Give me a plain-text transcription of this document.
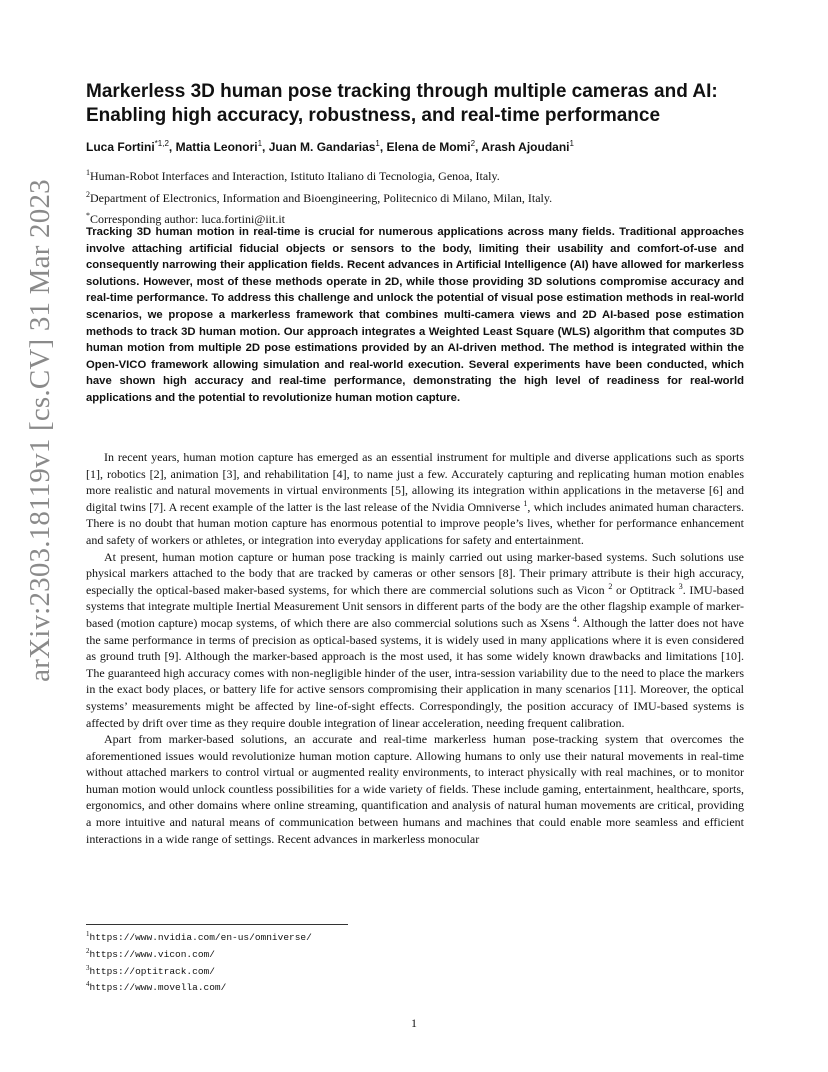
arXiv:2303.18119v1 [cs.CV] 31 Mar 2023
Markerless 3D human pose tracking through multiple cameras and AI: Enabling high accuracy, robustness, and real-time performance
Luca Fortini$^{*1,2}$, Mattia Leonori$^1$, Juan M. Gandarias$^1$, Elena de Momi$^2$, Arash Ajoudani$^1$
$^1$Human-Robot Interfaces and Interaction, Istituto Italiano di Tecnologia, Genoa, Italy.
$^2$Department of Electronics, Information and Bioengineering, Politecnico di Milano, Milan, Italy.
*Corresponding author: luca.fortini@iit.it

Tracking 3D human motion in real-time is crucial for numerous applications across many fields. Traditional approaches involve attaching artificial fiducial objects or sensors to the body, limiting their usability and comfort-of-use and consequently narrowing their application fields. Recent advances in Artificial Intelligence (AI) have allowed for markerless solutions. However, most of these methods operate in 2D, while those providing 3D solutions compromise accuracy and real-time performance. To address this challenge and unlock the potential of visual pose estimation methods in real-world scenarios, we propose a markerless framework that combines multi-camera views and 2D AI-based pose estimation methods to track 3D human motion. Our approach integrates a Weighted Least Square (WLS) algorithm that computes 3D human motion from multiple 2D pose estimations provided by an AI-driven method. The method is integrated within the Open-VICO framework allowing simulation and real-world execution. Several experiments have been conducted, which have shown high accuracy and real-time performance, demonstrating the high level of readiness for real-world applications and the potential to revolutionize human motion capture.

In recent years, human motion capture has emerged as an essential instrument for multiple and diverse applications such as sports [1], robotics [2], animation [3], and rehabilitation [4], to name just a few. Accurately capturing and replicating human motion enables more realistic and natural movements in virtual environments [5], allowing its integration within applications in the metaverse [6] and digital twins [7]. A recent example of the latter is the last release of the Nvidia Omniverse $^1$, which includes animated human characters. There is no doubt that human motion capture has enormous potential to improve people’s lives, whether for performance enhancement and safety of workers or athletes, or integration into everyday applications for safety and entertainment.

At present, human motion capture or human pose tracking is mainly carried out using marker-based systems. Such solutions use physical markers attached to the body that are tracked by cameras or other sensors [8]. Their primary attribute is their high accuracy, especially the optical-based maker-based systems, for which there are commercial solutions such as Vicon $^2$ or Optitrack $^3$. IMU-based systems that integrate multiple Inertial Measurement Unit sensors in different parts of the body are the other flagship example of marker-based (motion capture) mocap systems, of which there are also commercial solutions such as Xsens $^4$. Although the latter does not have the same performance in terms of precision as optical-based systems, it is widely used in many applications where it is even considered as ground truth [9]. Although the marker-based approach is the most used, it has some widely known drawbacks and limitations [10]. The guaranteed high accuracy comes with non-negligible hinder of the user, intra-session variability due to the need to place the markers in the exact body places, or battery life for active sensors compromising their application in many scenarios [11]. Moreover, the optical systems’ measurements might be affected by line-of-sight effects. Correspondingly, the position accuracy of IMU-based systems is affected by drift over time as they require double integration of linear acceleration, needing frequent calibration.

Apart from marker-based solutions, an accurate and real-time markerless human pose-tracking system that overcomes the aforementioned issues would revolutionize human motion capture. Allowing humans to only use their natural movements in real-time without attached markers to control virtual or augmented reality environments, to interact physically with real machines, or to monitor human motion would unlock countless possibilities for a wide variety of fields. These include gaming, entertainment, healthcare, sports, ergonomics, and other domains where online streaming, quantification and analysis of natural human movements are critical, providing a more intuitive and natural means of communication between humans and machines that could enable more seamless and efficient interactions in a wide range of settings. Recent advances in markerless monocular

$^1$https://www.nvidia.com/en-us/omniverse/
$^2$https://www.vicon.com/
$^3$https://optitrack.com/
$^4$https://www.movella.com/
1
